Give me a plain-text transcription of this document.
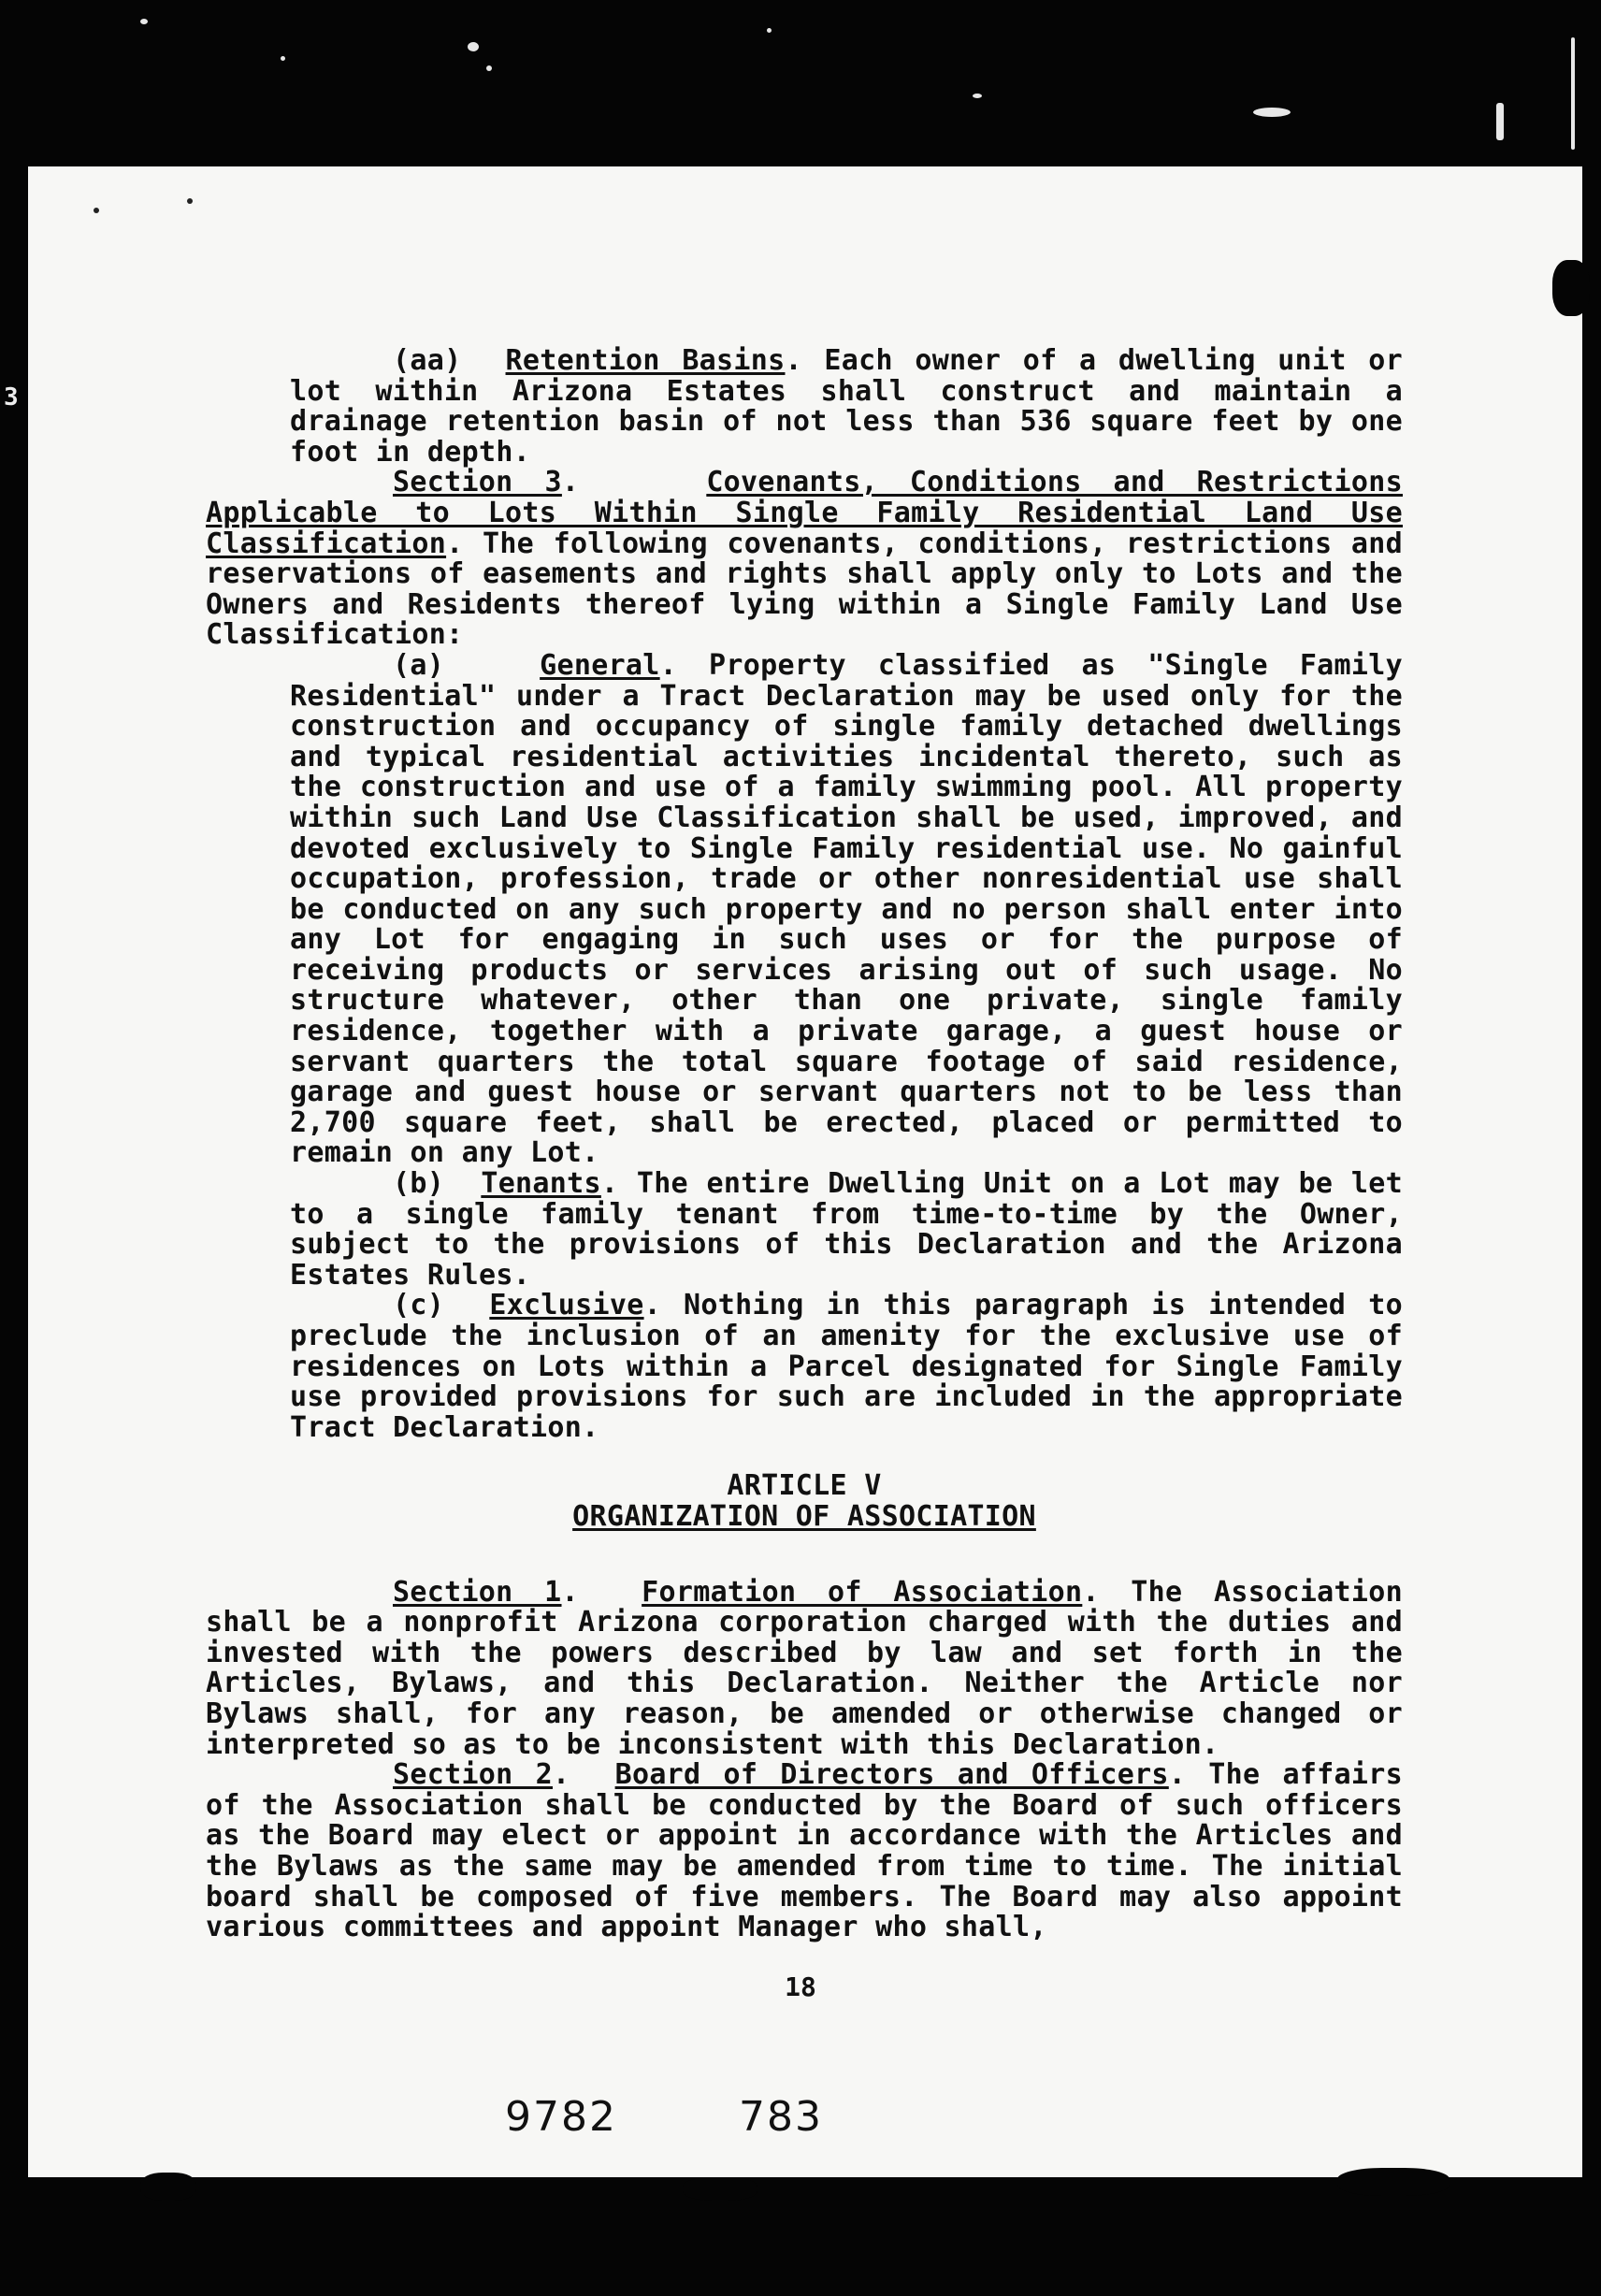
3

(aa) Retention Basins. Each owner of a dwelling unit or lot within Arizona Estates shall construct and maintain a drainage retention basin of not less than 536 square feet by one foot in depth.

Section 3.    Covenants, Conditions and Restrictions Applicable to Lots Within Single Family Residential Land Use Classification. The following covenants, conditions, restrictions and reservations of easements and rights shall apply only to Lots and the Owners and Residents thereof lying within a Single Family Land Use Classification:

(a)	General. Property classified as "Single Family Residential" under a Tract Declaration may be used only for the construction and occupancy of single family detached dwellings and typical residential activities incidental thereto, such as the construction and use of a family swimming pool. All property within such Land Use Classification shall be used, improved, and devoted exclusively to Single Family residential use. No gainful occupation, profession, trade or other nonresidential use shall be conducted on any such property and no person shall enter into any Lot for engaging in such uses or for the purpose of receiving products or services arising out of such usage. No structure whatever, other than one private, single family residence, together with a private garage, a guest house or servant quarters the total square footage of said residence, garage and guest house or servant quarters not to be less than 2,700 square feet, shall be erected, placed or permitted to remain on any Lot.

(b) Tenants. The entire Dwelling Unit on a Lot may be let to a single family tenant from time-to-time by the Owner, subject to the provisions of this Declaration and the Arizona Estates Rules.

(c) Exclusive. Nothing in this paragraph is intended to preclude the inclusion of an amenity for the exclusive use of residences on Lots within a Parcel designated for Single Family use provided provisions for such are included in the appropriate Tract Declaration.

ARTICLE V

ORGANIZATION OF ASSOCIATION

Section 1.  Formation of Association. The Association shall be a nonprofit Arizona corporation charged with the duties and invested with the powers described by law and set forth in the Articles, Bylaws, and this Declaration. Neither the Article nor Bylaws shall, for any reason, be amended or otherwise changed or interpreted so as to be inconsistent with this Declaration.

Section 2.  Board of Directors and Officers. The affairs of the Association shall be conducted by the Board of such officers as the Board may elect or appoint in accordance with the Articles and the Bylaws as the same may be amended from time to time. The initial board shall be composed of five members. The Board may also appoint various committees and appoint Manager who shall,

18
9782	783
